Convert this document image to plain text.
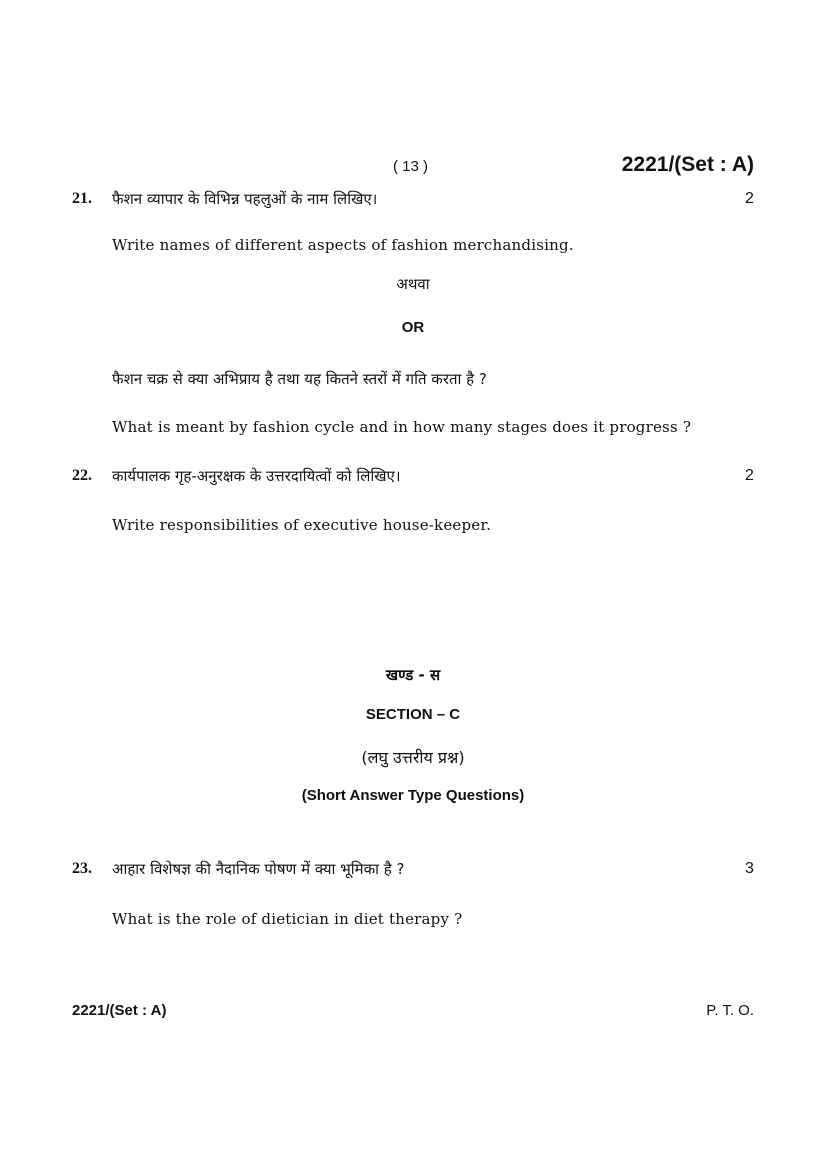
( 13 )	2221/(Set : A)
21. फैशन व्यापार के विभिन्न पहलुओं के नाम लिखिए।	2
Write names of different aspects of fashion merchandising.
अथवा
OR
फैशन चक्र से क्या अभिप्राय है तथा यह कितने स्तरों में गति करता है ?
What is meant by fashion cycle and in how many stages does it progress ?
22. कार्यपालक गृह-अनुरक्षक के उत्तरदायित्वों को लिखिए।	2
Write responsibilities of executive house-keeper.
खण्ड - स
SECTION – C
(लघु उत्तरीय प्रश्न)
(Short Answer Type Questions)
23. आहार विशेषज्ञ की नैदानिक पोषण में क्या भूमिका है ?	3
What is the role of dietician in diet therapy ?
2221/(Set : A)	P. T. O.
